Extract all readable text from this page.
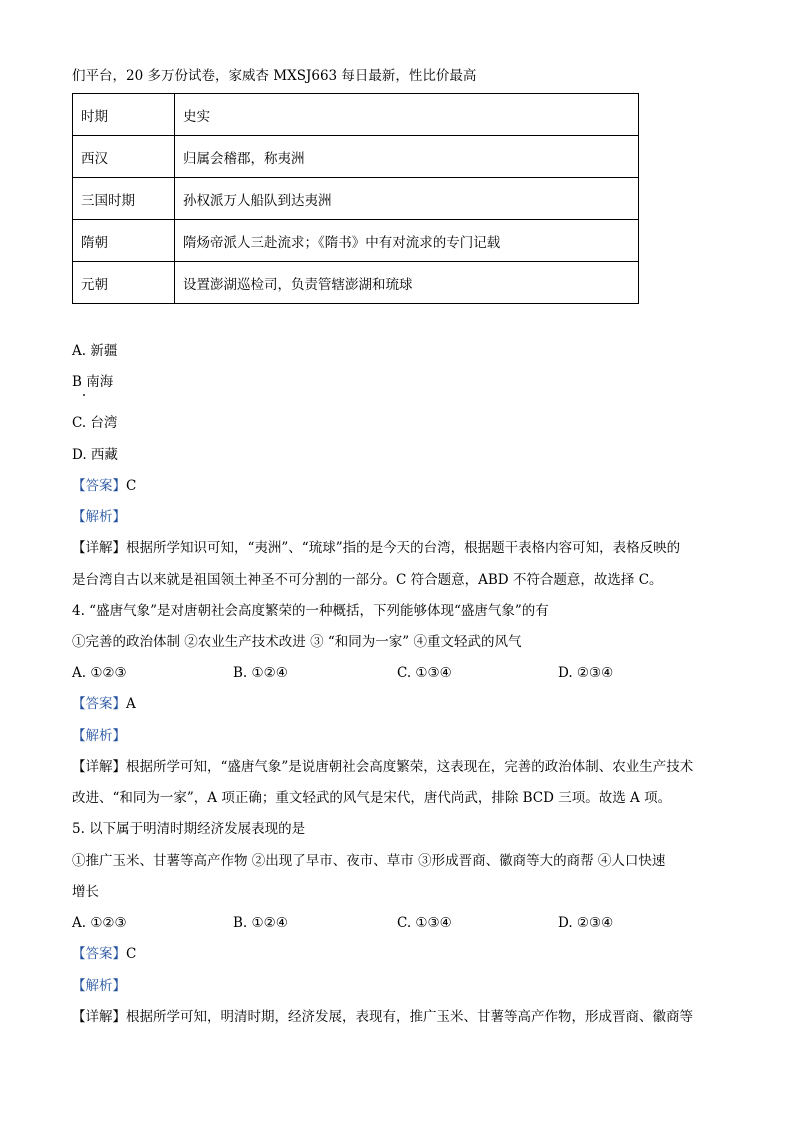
们平台，20 多万份试卷，家威杏 MXSJ663 每日最新，性比价最高
时期	史实
西汉	归属会稽郡，称夷洲
三国时期	孙权派万人船队到达夷洲
隋朝	隋炀帝派人三赴流求；《隋书》中有对流求的专门记载
元朝	设置澎湖巡检司，负责管辖澎湖和琉球
A. 新疆
B 南海
C. 台湾
D. 西藏
【答案】C
【解析】
【详解】根据所学知识可知，“夷洲”、“琉球”指的是今天的台湾，根据题干表格内容可知，表格反映的
是台湾自古以来就是祖国领土神圣不可分割的一部分。C 符合题意，ABD 不符合题意，故选择 C。
4. “盛唐气象”是对唐朝社会高度繁荣的一种概括，下列能够体现“盛唐气象”的有
①完善的政治体制 ②农业生产技术改进 ③ “和同为一家” ④重文轻武的风气
A. ①②③	B. ①②④	C. ①③④	D. ②③④
【答案】A
【解析】
【详解】根据所学可知，“盛唐气象”是说唐朝社会高度繁荣，这表现在，完善的政治体制、农业生产技术
改进、“和同为一家”，A 项正确；重文轻武的风气是宋代，唐代尚武，排除 BCD 三项。故选 A 项。
5. 以下属于明清时期经济发展表现的是
①推广玉米、甘薯等高产作物 ②出现了早市、夜市、草市 ③形成晋商、徽商等大的商帮 ④人口快速
增长
A. ①②③	B. ①②④	C. ①③④	D. ②③④
【答案】C
【解析】
【详解】根据所学可知，明清时期，经济发展，表现有，推广玉米、甘薯等高产作物，形成晋商、徽商等
